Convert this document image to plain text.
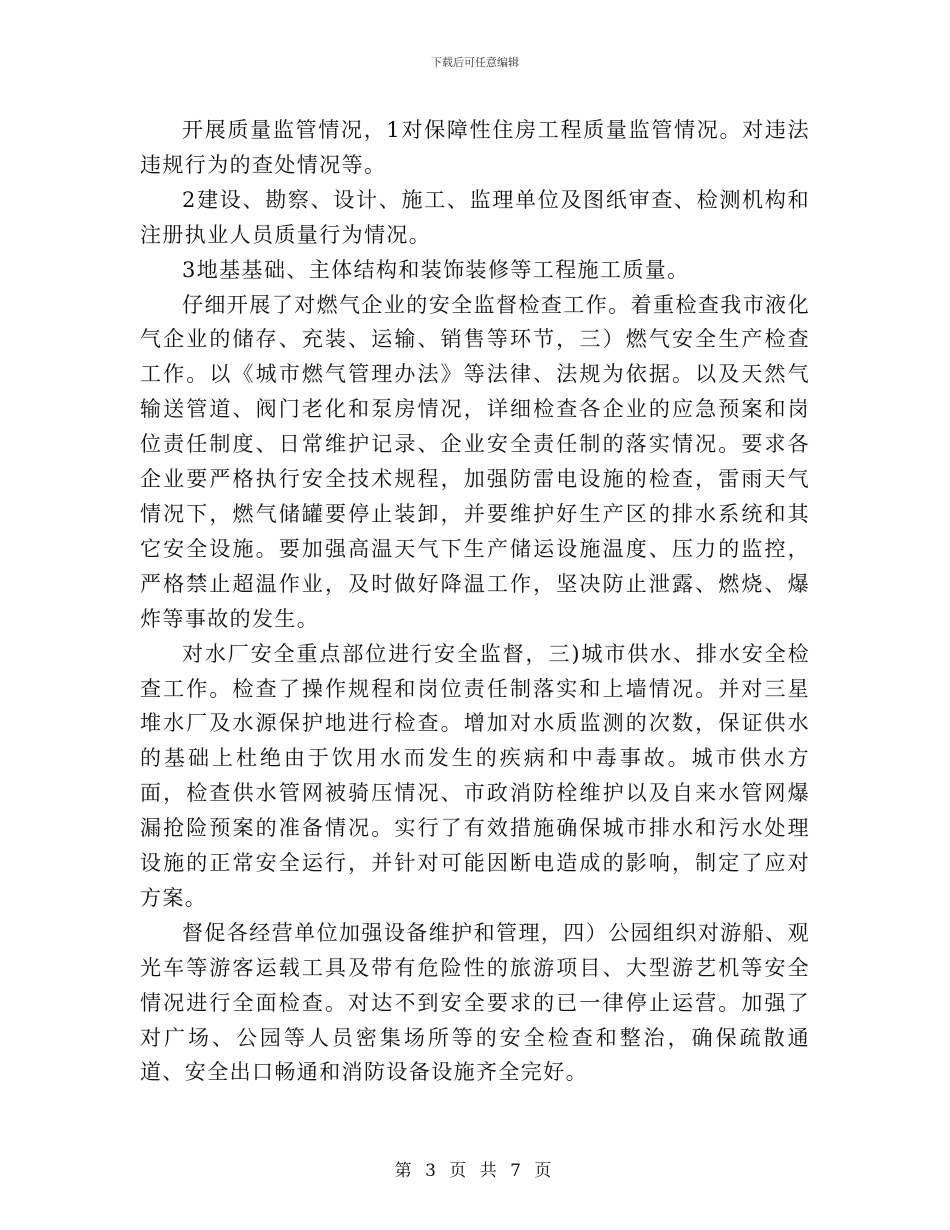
下载后可任意编辑

开展质量监管情况，1对保障性住房工程质量监管情况。对违法违规行为的查处情况等。

2建设、勘察、设计、施工、监理单位及图纸审查、检测机构和注册执业人员质量行为情况。

3地基基础、主体结构和装饰装修等工程施工质量。

仔细开展了对燃气企业的安全监督检查工作。着重检查我市液化气企业的储存、充装、运输、销售等环节，三）燃气安全生产检查工作。以《城市燃气管理办法》等法律、法规为依据。以及天然气输送管道、阀门老化和泵房情况，详细检查各企业的应急预案和岗位责任制度、日常维护记录、企业安全责任制的落实情况。要求各企业要严格执行安全技术规程，加强防雷电设施的检查，雷雨天气情况下，燃气储罐要停止装卸，并要维护好生产区的排水系统和其它安全设施。要加强高温天气下生产储运设施温度、压力的监控，严格禁止超温作业，及时做好降温工作，坚决防止泄露、燃烧、爆炸等事故的发生。

对水厂安全重点部位进行安全监督，三)城市供水、排水安全检查工作。检查了操作规程和岗位责任制落实和上墙情况。并对三星堆水厂及水源保护地进行检查。增加对水质监测的次数，保证供水的基础上杜绝由于饮用水而发生的疾病和中毒事故。城市供水方面，检查供水管网被骑压情况、市政消防栓维护以及自来水管网爆漏抢险预案的准备情况。实行了有效措施确保城市排水和污水处理设施的正常安全运行，并针对可能因断电造成的影响，制定了应对方案。

督促各经营单位加强设备维护和管理，四）公园组织对游船、观光车等游客运载工具及带有危险性的旅游项目、大型游艺机等安全情况进行全面检查。对达不到安全要求的已一律停止运营。加强了对广场、公园等人员密集场所等的安全检查和整治，确保疏散通道、安全出口畅通和消防设备设施齐全完好。

第 3 页 共 7 页
